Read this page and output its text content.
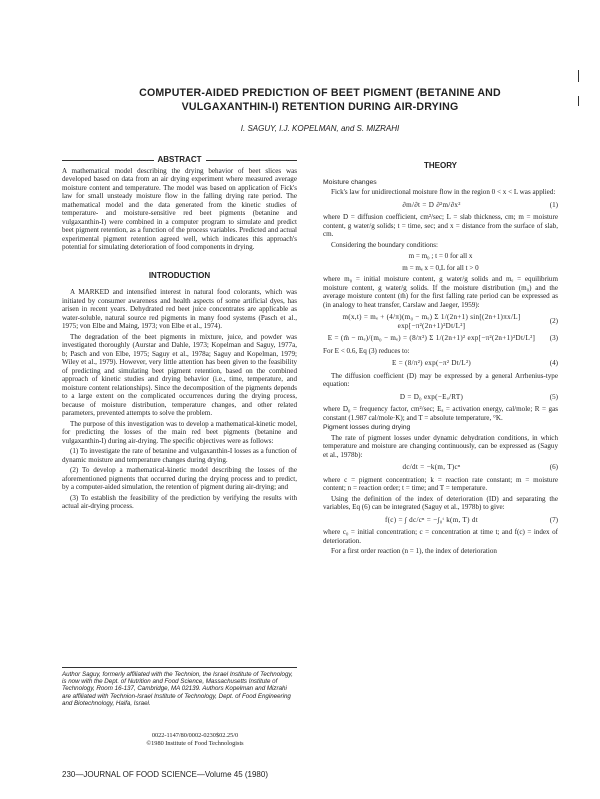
COMPUTER-AIDED PREDICTION OF BEET PIGMENT (BETANINE AND VULGAXANTHIN-I) RETENTION DURING AIR-DRYING
I. SAGUY, I.J. KOPELMAN, and S. MIZRAHI
ABSTRACT
A mathematical model describing the drying behavior of beet slices was developed based on data from an air drying experiment where measured average moisture content and temperature. The model was based on application of Fick's law for small unsteady moisture flow in the falling drying rate period. The mathematical model and the data generated from the kinetic studies of temperature- and moisture-sensitive red beet pigments (betanine and vulgaxanthin-I) were combined in a computer program to simulate and predict beet pigment retention, as a function of the process variables. Predicted and actual experimental pigment retention agreed well, which indicates this approach's potential for simulating deterioration of food components in drying.
INTRODUCTION
A MARKED and intensified interest in natural food colorants, which was initiated by consumer awareness and health aspects of some artificial dyes, has arisen in recent years. Dehydrated red beet juice concentrates are applicable as water-soluble, natural source red pigments in many food systems (Pasch et al., 1975; von Elbe and Maing, 1973; von Elbe et al., 1974).
The degradation of the beet pigments in mixture, juice, and powder was investigated thoroughly (Aurstar and Dahle, 1973; Kopelman and Saguy, 1977a, b; Pasch and von Elbe, 1975; Saguy et al., 1978a; Saguy and Kopelman, 1979; Wiley et al., 1979). However, very little attention has been given to the feasibility of predicting and simulating beet pigment retention, based on the combined approach of kinetic studies and drying behavior (i.e., time, temperature, and moisture content relationships). Since the decomposition of the pigments depends to a large extent on the complicated occurrences during the drying process, because of moisture distribution, temperature changes, and other related parameters, prevented attempts to solve the problem.
The purpose of this investigation was to develop a mathematical-kinetic model, for predicting the losses of the main red beet pigments (betanine and vulgaxanthin-I) during air-drying. The specific objectives were as follows:
(1) To investigate the rate of betanine and vulgaxanthin-I losses as a function of dynamic moisture and temperature changes during drying.
(2) To develop a mathematical-kinetic model describing the losses of the aforementioned pigments that occurred during the drying process and to predict, by a computer-aided simulation, the retention of pigment during air-drying; and
(3) To establish the feasibility of the prediction by verifying the results with actual air-drying process.
Author Saguy, formerly affiliated with the Technion, the Israel Institute of Technology, is now with the Dept. of Nutrition and Food Science, Massachusetts Institute of Technology, Room 16-137, Cambridge, MA 02139. Authors Kopelman and Mizrahi are affiliated with Technion-Israel Institute of Technology, Dept. of Food Engineering and Biotechnology, Haifa, Israel.
0022-1147/80/0002-0230$02.25/0
©1980 Institute of Food Technologists
230—JOURNAL OF FOOD SCIENCE—Volume 45 (1980)
THEORY
Moisture changes
Fick's law for unidirectional moisture flow in the region 0 < x < L was applied:
∂m/∂t = D ∂²m/∂x²	(1)
where D = diffusion coefficient, cm²/sec; L = slab thickness, cm; m = moisture content, g water/g solids; t = time, sec; and x = distance from the surface of slab, cm.
Considering the boundary conditions:
m = m₀ ; t = 0 for all x
m = mₑ x = 0,L for all t > 0
where m₀ = initial moisture content, g water/g solids and mₑ = equilibrium moisture content, g water/g solids. If the moisture distribution (m₀) and the average moisture content (m̄) for the first falling rate period can be expressed as (in analogy to heat transfer, Carslaw and Jaeger, 1959):
m(x,t) = mₑ + (4/π)(m₀ − mₑ) Σ 1/(2n+1) sin[(2n+1)πx/L] exp[−π²(2n+1)²Dt/L²]
(2)
E = (m̄ − mₑ)/(m₀ − mₑ) = (8/π²) Σ 1/(2n+1)² exp[−π²(2n+1)²Dt/L²]	(3)
For E < 0.6, Eq (3) reduces to:
E = (8/π²) exp(−π² Dt/L²)	(4)
The diffusion coefficient (D) may be expressed by a general Arrhenius-type equation:
D = D₀ exp(−Eₐ/RT)	(5)
where D₀ = frequency factor, cm²/sec; Eₐ = activation energy, cal/mole; R = gas constant (1.987 cal/mole·K); and T = absolute temperature, °K.
Pigment losses during drying
The rate of pigment losses under dynamic dehydration conditions, in which temperature and moisture are changing continuously, can be expressed as (Saguy et al., 1978b):
dc/dt = −k(m, T)cⁿ	(6)
where c = pigment concentration; k = reaction rate constant; m = moisture content; n = reaction order; t = time; and T = temperature.
Using the definition of the index of deterioration (ID) and separating the variables, Eq (6) can be integrated (Saguy et al., 1978b) to give:
f(c) = ∫ dc/cⁿ = −∫₀ᵗ k(m, T) dt	(7)
where c₀ = initial concentration; c = concentration at time t; and f(c) = index of deterioration.
For a first order reaction (n = 1), the index of deterioration
